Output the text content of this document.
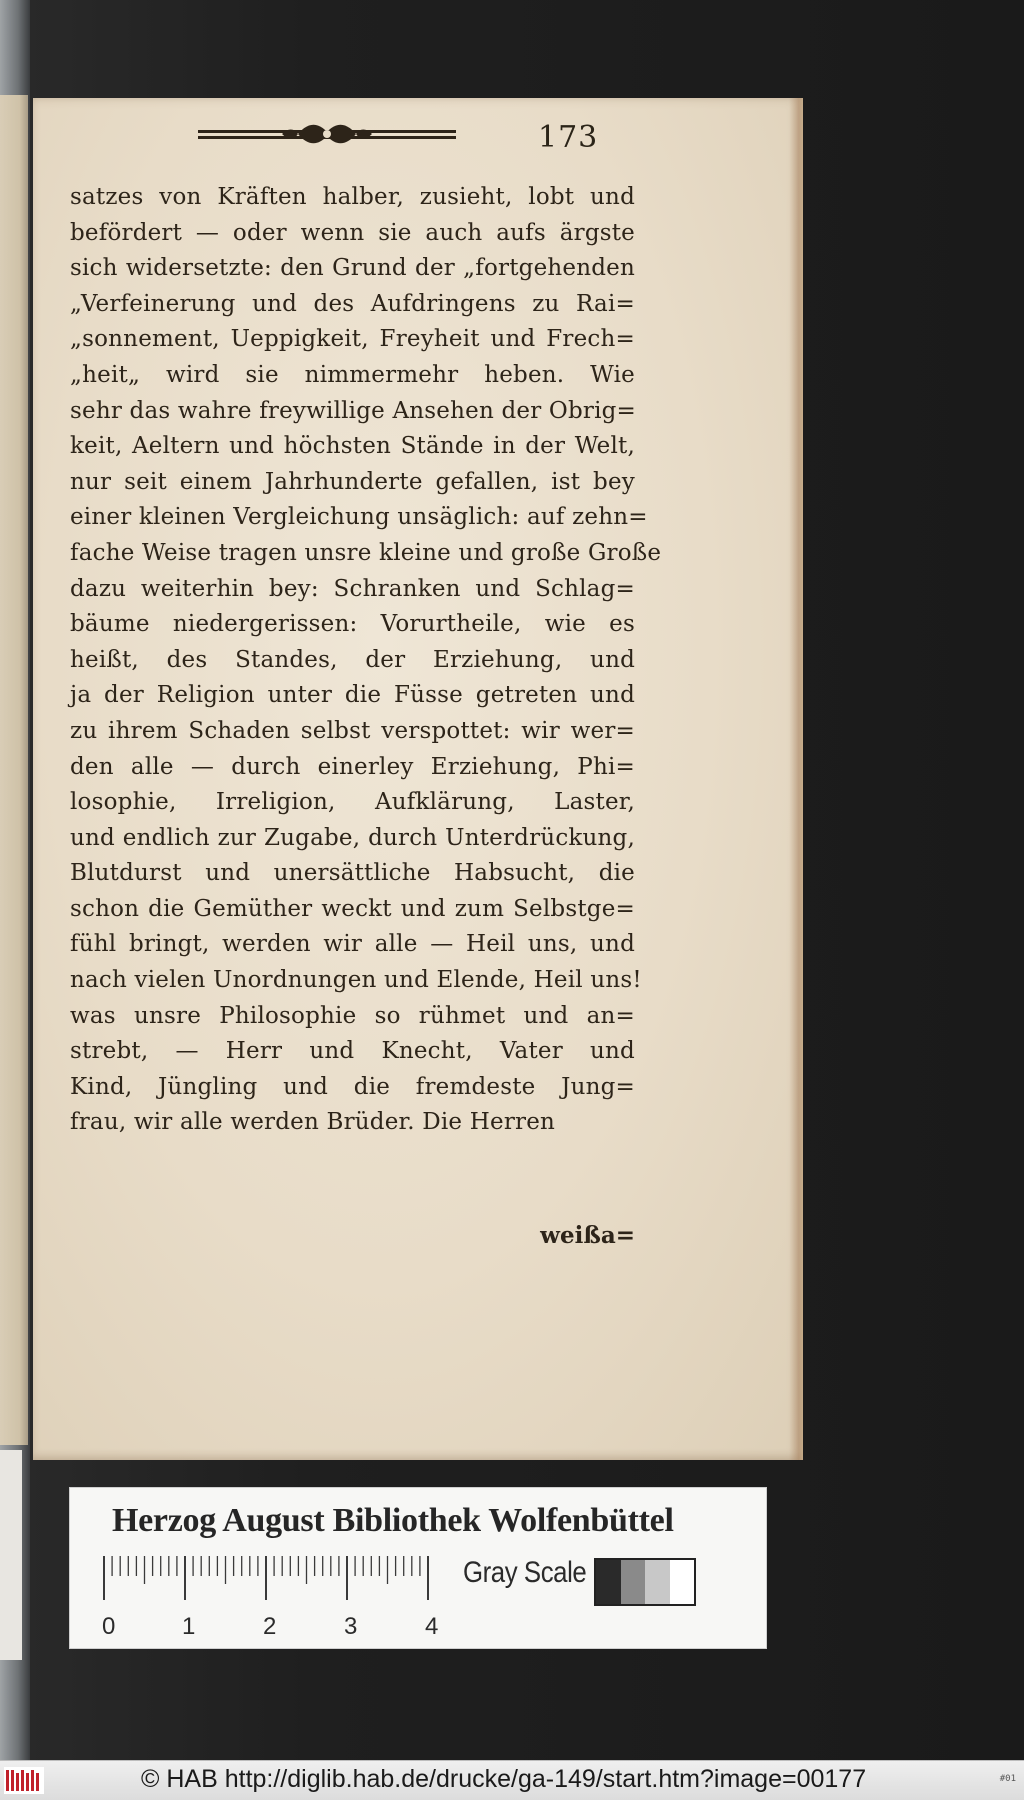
173
satzes von Kräften halber, zusieht, lobt und
befördert — oder wenn sie auch aufs ärgste
sich widersetzte: den Grund der „fortgehenden
„Verfeinerung und des Aufdringens zu Rai=
„sonnement, Ueppigkeit, Freyheit und Frech=
„heit„ wird sie nimmermehr heben. Wie
sehr das wahre freywillige Ansehen der Obrig=
keit, Aeltern und höchsten Stände in der Welt,
nur seit einem Jahrhunderte gefallen, ist bey
einer kleinen Vergleichung unsäglich: auf zehn=
fache Weise tragen unsre kleine und große Große
dazu weiterhin bey: Schranken und Schlag=
bäume niedergerissen: Vorurtheile, wie es
heißt, des Standes, der Erziehung, und
ja der Religion unter die Füsse getreten und
zu ihrem Schaden selbst verspottet: wir wer=
den alle — durch einerley Erziehung, Phi=
losophie, Irreligion, Aufklärung, Laster,
und endlich zur Zugabe, durch Unterdrückung,
Blutdurst und unersättliche Habsucht, die
schon die Gemüther weckt und zum Selbstge=
fühl bringt, werden wir alle — Heil uns, und
nach vielen Unordnungen und Elende, Heil uns!
was unsre Philosophie so rühmet und an=
strebt, — Herr und Knecht, Vater und
Kind, Jüngling und die fremdeste Jung=
frau, wir alle werden Brüder. Die Herren
weißa=
Herzog August Bibliothek Wolfenbüttel
0	1	2	3	4
Gray Scale
© HAB http://diglib.hab.de/drucke/ga-149/start.htm?image=00177	#01
